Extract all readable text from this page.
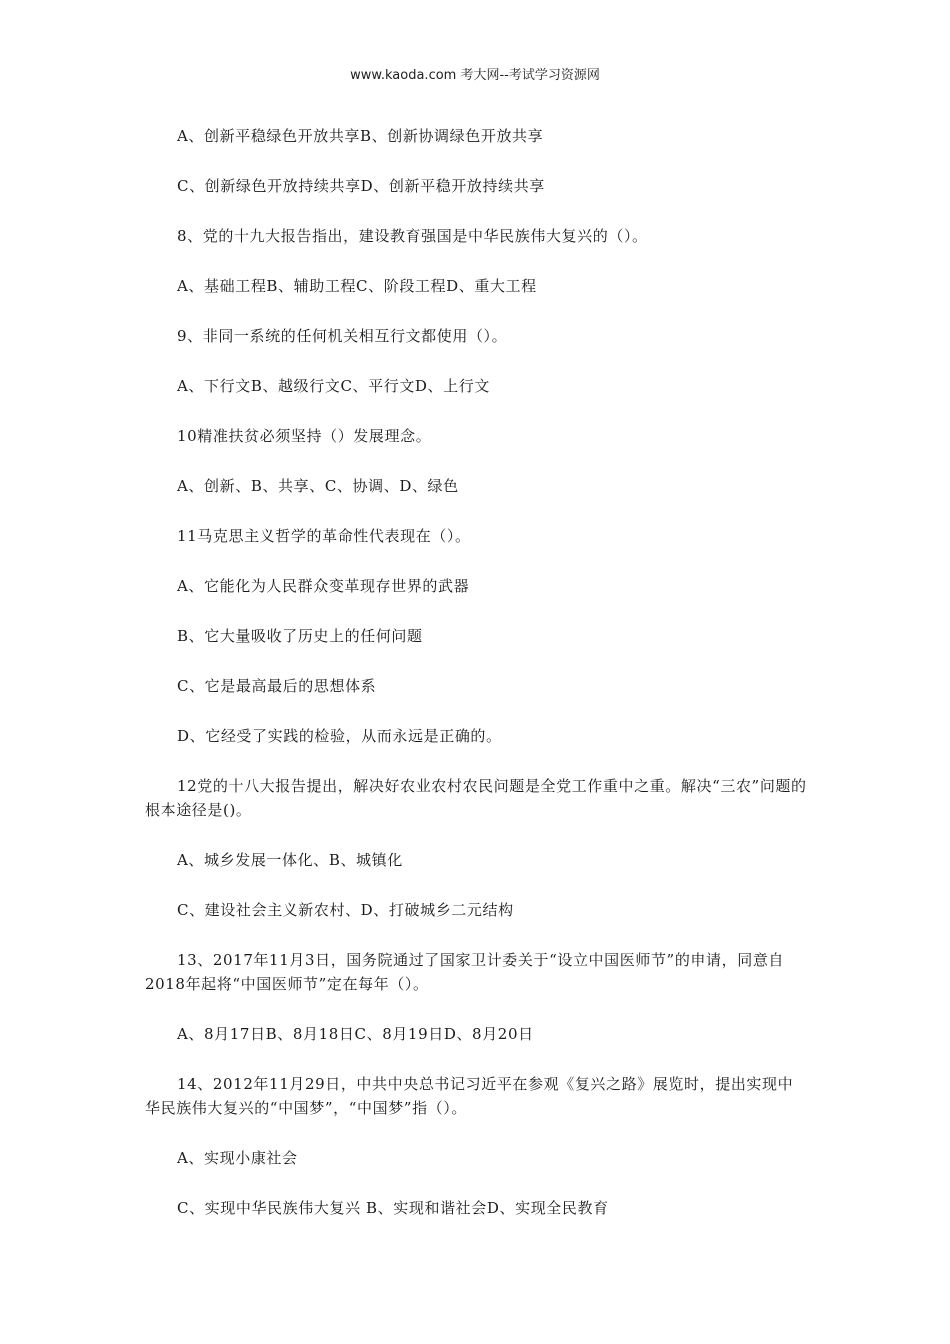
www.kaoda.com 考大网--考试学习资源网

A、创新平稳绿色开放共享B、创新协调绿色开放共享

C、创新绿色开放持续共享D、创新平稳开放持续共享

8、党的十九大报告指出，建设教育强国是中华民族伟大复兴的（）。

A、基础工程B、辅助工程C、阶段工程D、重大工程

9、非同一系统的任何机关相互行文都使用（）。

A、下行文B、越级行文C、平行文D、上行文

10精准扶贫必须坚持（）发展理念。

A、创新、B、共享、C、协调、D、绿色

11马克思主义哲学的革命性代表现在（）。

A、它能化为人民群众变革现存世界的武器

B、它大量吸收了历史上的任何问题

C、它是最高最后的思想体系

D、它经受了实践的检验，从而永远是正确的。

12党的十八大报告提出，解决好农业农村农民问题是全党工作重中之重。解决“三农”问题的根本途径是()。

A、城乡发展一体化、B、城镇化

C、建设社会主义新农村、D、打破城乡二元结构

13、2017年11月3日，国务院通过了国家卫计委关于“设立中国医师节”的申请，同意自2018年起将“中国医师节”定在每年（）。

A、8月17日B、8月18日C、8月19日D、8月20日

14、2012年11月29日，中共中央总书记习近平在参观《复兴之路》展览时，提出实现中华民族伟大复兴的“中国梦”，“中国梦”指（）。

A、实现小康社会

C、实现中华民族伟大复兴 B、实现和谐社会D、实现全民教育
